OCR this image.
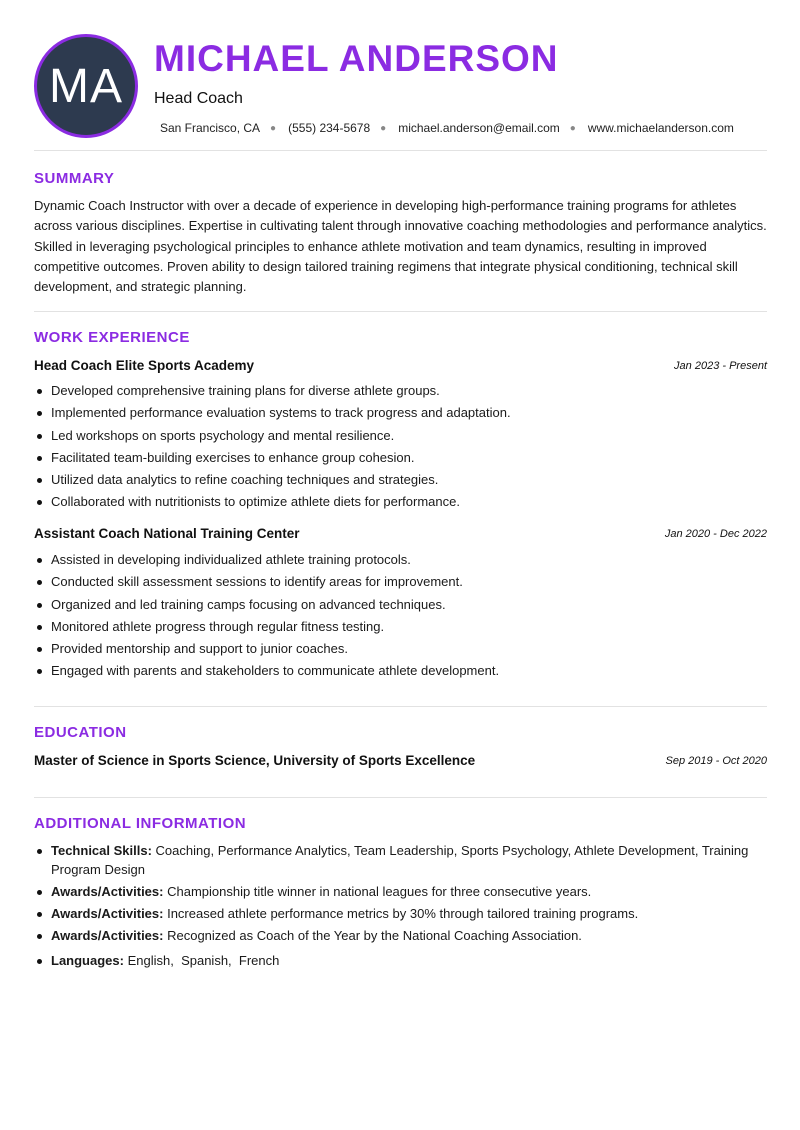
MA
MICHAEL ANDERSON
Head Coach
San Francisco, CA ● (555) 234-5678 ● michael.anderson@email.com ● www.michaelanderson.com
SUMMARY
Dynamic Coach Instructor with over a decade of experience in developing high-performance training programs for athletes across various disciplines. Expertise in cultivating talent through innovative coaching methodologies and performance analytics. Skilled in leveraging psychological principles to enhance athlete motivation and team dynamics, resulting in improved competitive outcomes. Proven ability to design tailored training regimens that integrate physical conditioning, technical skill development, and strategic planning.
WORK EXPERIENCE
Head Coach Elite Sports Academy	Jan 2023 - Present
Developed comprehensive training plans for diverse athlete groups.
Implemented performance evaluation systems to track progress and adaptation.
Led workshops on sports psychology and mental resilience.
Facilitated team-building exercises to enhance group cohesion.
Utilized data analytics to refine coaching techniques and strategies.
Collaborated with nutritionists to optimize athlete diets for performance.
Assistant Coach National Training Center	Jan 2020 - Dec 2022
Assisted in developing individualized athlete training protocols.
Conducted skill assessment sessions to identify areas for improvement.
Organized and led training camps focusing on advanced techniques.
Monitored athlete progress through regular fitness testing.
Provided mentorship and support to junior coaches.
Engaged with parents and stakeholders to communicate athlete development.
EDUCATION
Master of Science in Sports Science, University of Sports Excellence	Sep 2019 - Oct 2020
ADDITIONAL INFORMATION
Technical Skills: Coaching, Performance Analytics, Team Leadership, Sports Psychology, Athlete Development, Training Program Design
Awards/Activities: Championship title winner in national leagues for three consecutive years.
Awards/Activities: Increased athlete performance metrics by 30% through tailored training programs.
Awards/Activities: Recognized as Coach of the Year by the National Coaching Association.
Languages: English,  Spanish,  French
